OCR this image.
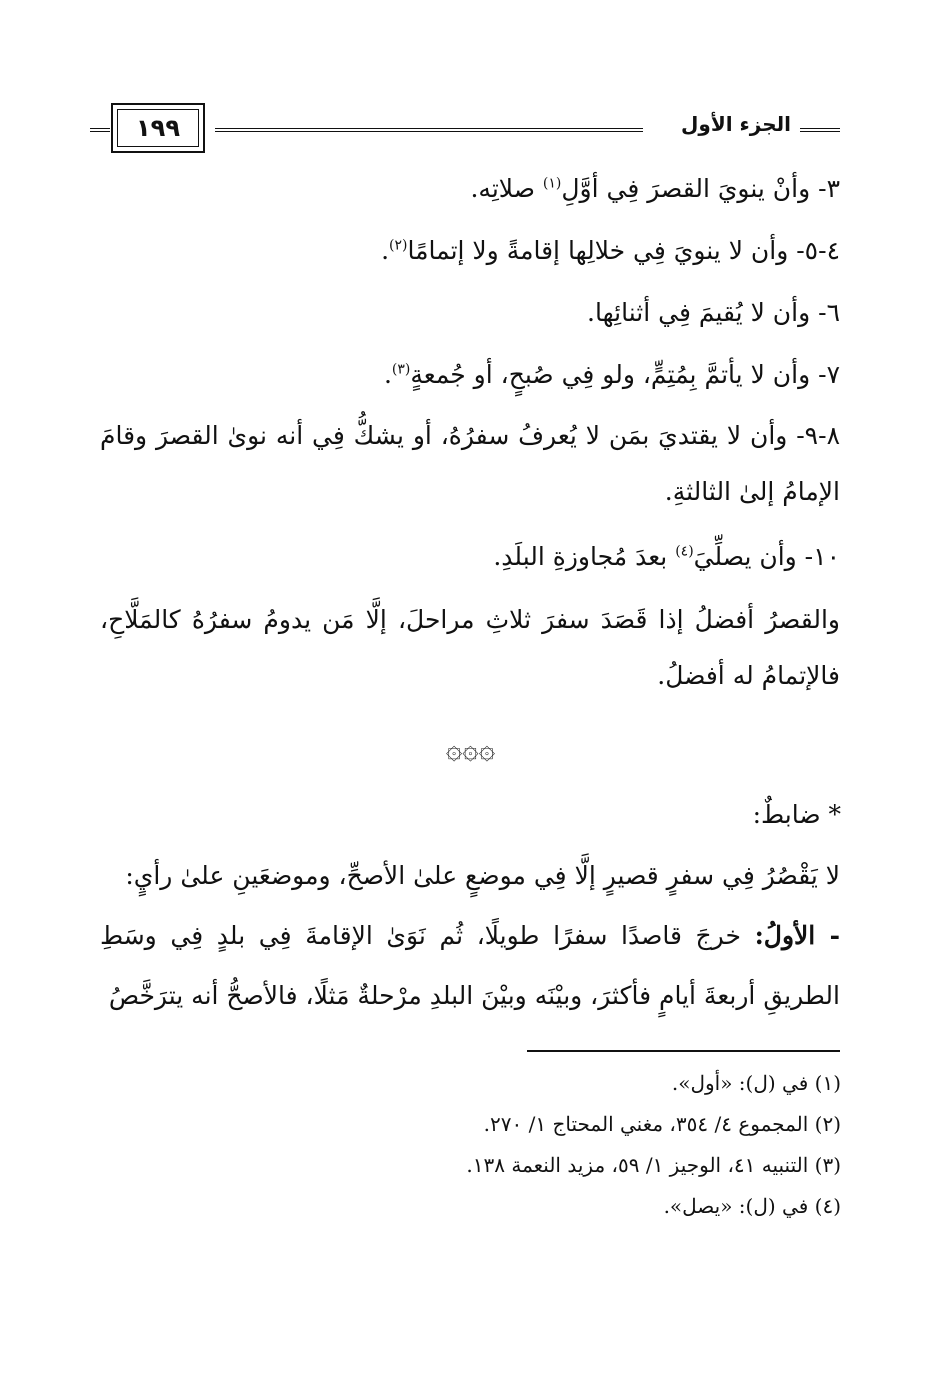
الجزء الأول
١٩٩

٣- وأنْ ينويَ القصرَ فِي أوَّلِ$^{(١)}$ صلاتِه.

٤-٥- وأن لا ينويَ فِي خلالِها إقامةً ولا إتمامًا$^{(٢)}$.

٦- وأن لا يُقيمَ فِي أثنائِها.

٧- وأن لا يأتمَّ بِمُتِمٍّ، ولو فِي صُبحٍ، أو جُمعةٍ$^{(٣)}$.

٨-٩- وأن لا يقتديَ بمَن لا يُعرفُ سفرُهُ، أو يشكُّ فِي أنه نوىٰ القصرَ وقامَ الإمامُ إلىٰ الثالثةِ.

١٠- وأن يصلِّيَ$^{(٤)}$ بعدَ مُجاوزةِ البلَدِ.

والقصرُ أفضلُ إذا قَصَدَ سفرَ ثلاثِ مراحلَ، إلَّا مَن يدومُ سفرُهُ كالمَلَّاحِ، فالإتمامُ له أفضلُ.

۞۞۞
* ضابطٌ:

لا يَقْصُرُ فِي سفرٍ قصيرٍ إلَّا فِي موضعٍ علىٰ الأصحِّ، وموضعَينِ علىٰ رأيٍ:

- الأولُ: خرجَ قاصدًا سفرًا طويلًا، ثُم نَوَىٰ الإقامةَ فِي بلدٍ فِي وسَطِ الطريقِ أربعةَ أيامٍ فأكثرَ، وبيْنَه وبيْنَ البلدِ مرْحلةٌ مَثلًا، فالأصحُّ أنه يترَخَّصُ

(١) في (ل): «أول».
(٢) المجموع ٤/ ٣٥٤، مغني المحتاج ١/ ٢٧٠.
(٣) التنبيه ٤١، الوجيز ١/ ٥٩، مزيد النعمة ١٣٨.
(٤) في (ل): «يصل».
